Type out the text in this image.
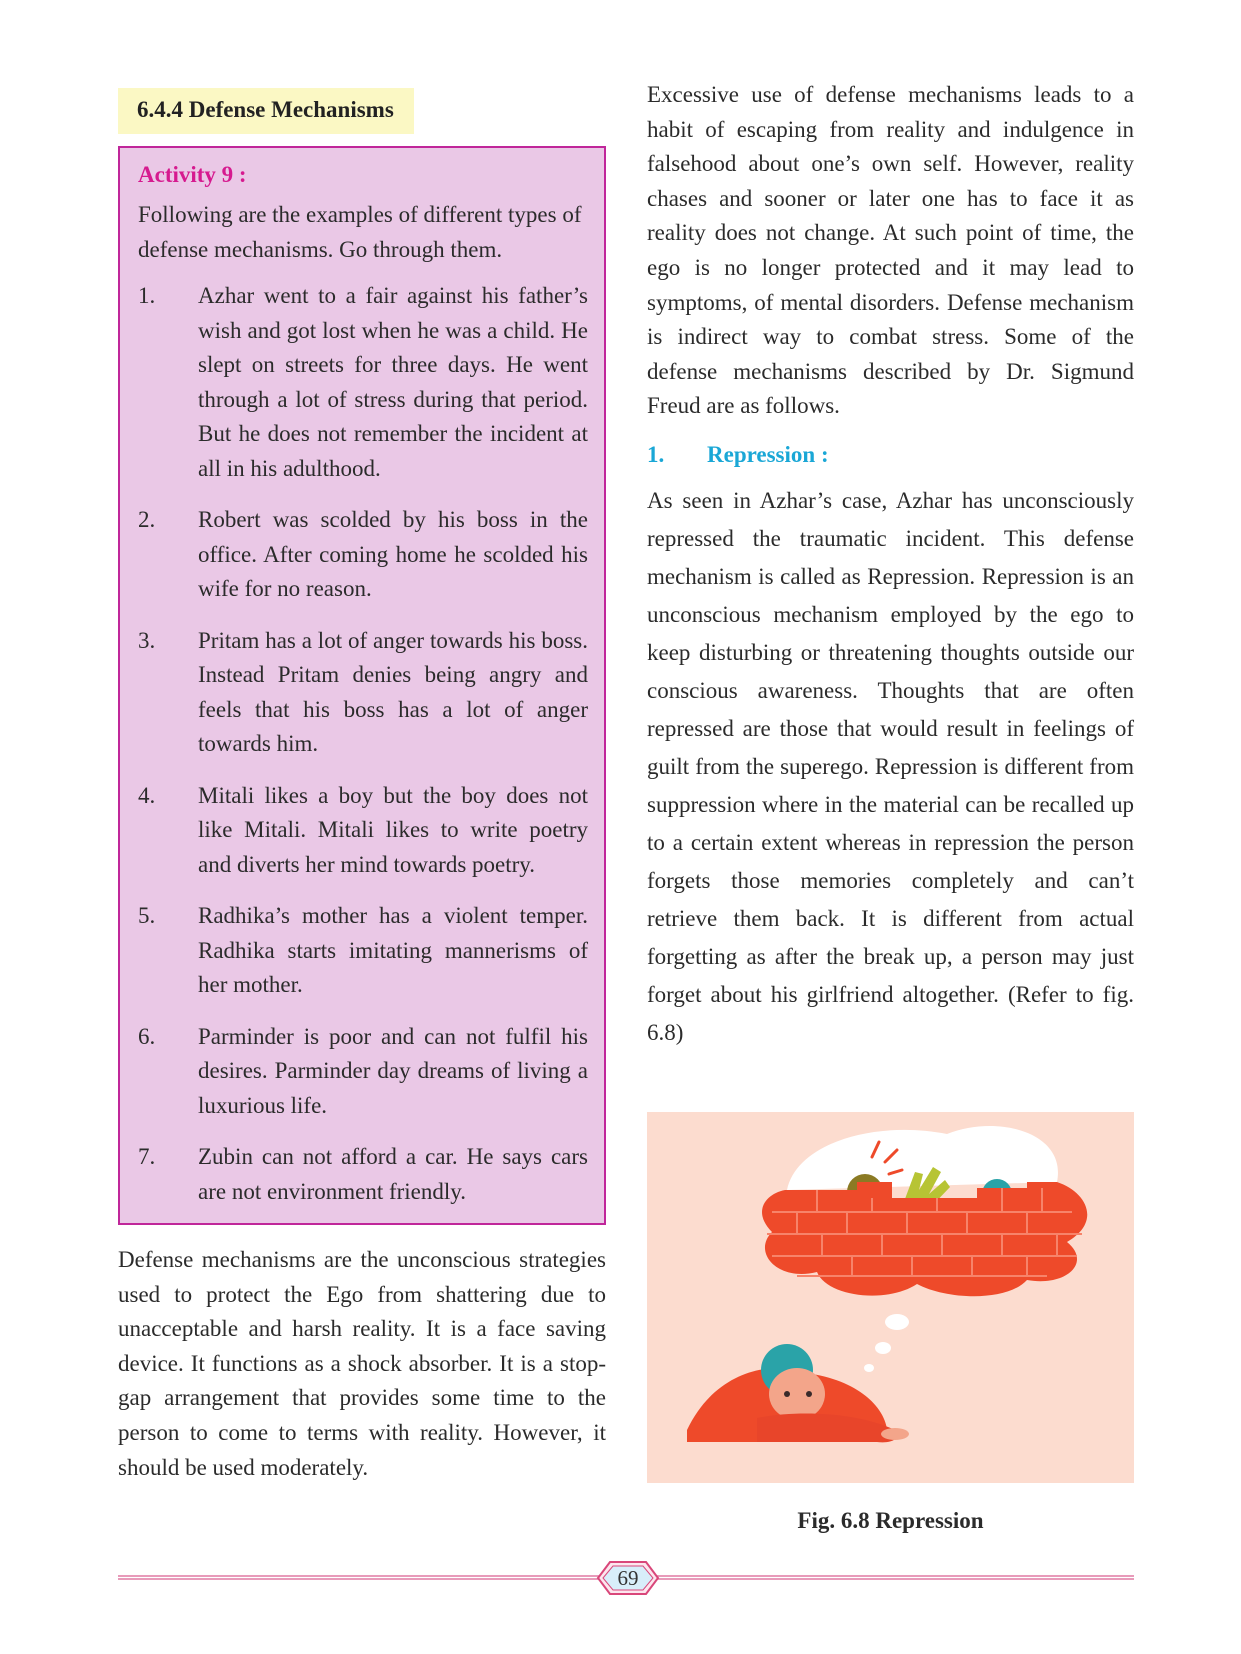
6.4.4 Defense Mechanisms
Activity 9 :

Following are the examples of different types of defense mechanisms. Go through them.

1.	Azhar went to a fair against his father’s wish and got lost when he was a child. He slept on streets for three days. He went through a lot of stress during that period. But he does not remember the incident at all in his adulthood.
2.	Robert was scolded by his boss in the office. After coming home he scolded his wife for no reason.
3.	Pritam has a lot of anger towards his boss. Instead Pritam denies being angry and feels that his boss has a lot of anger towards him.
4.	Mitali likes a boy but the boy does not like Mitali. Mitali likes to write poetry and diverts her mind towards poetry.
5.	Radhika’s mother has a violent temper. Radhika starts imitating mannerisms of her mother.
6.	Parminder is poor and can not fulfil his desires. Parminder day dreams of living a luxurious life.
7.	Zubin can not afford a car. He says cars are not environment friendly.

Defense mechanisms are the unconscious strategies used to protect the Ego from shattering due to unacceptable and harsh reality. It is a face saving device. It functions as a shock absorber. It is a stop-gap arrangement that provides some time to the person to come to terms with reality. However, it should be used moderately.

Excessive use of defense mechanisms leads to a habit of escaping from reality and indulgence in falsehood about one’s own self. However, reality chases and sooner or later one has to face it as reality does not change. At such point of time, the ego is no longer protected and it may lead to symptoms, of mental disorders. Defense mechanism is indirect way to combat stress. Some of the defense mechanisms described by Dr. Sigmund Freud are as follows.

1.	Repression :

As seen in Azhar’s case, Azhar has unconsciously repressed the traumatic incident. This defense mechanism is called as Repression. Repression is an unconscious mechanism employed by the ego to keep disturbing or threatening thoughts outside our conscious awareness. Thoughts that are often repressed are those that would result in feelings of guilt from the superego. Repression is different from suppression where in the material can be recalled up to a certain extent whereas in repression the person forgets those memories completely and can’t retrieve them back. It is different from actual forgetting as after the break up, a person may just forget about his girlfriend altogether. (Refer to fig. 6.8)

Fig. 6.8 Repression
69
